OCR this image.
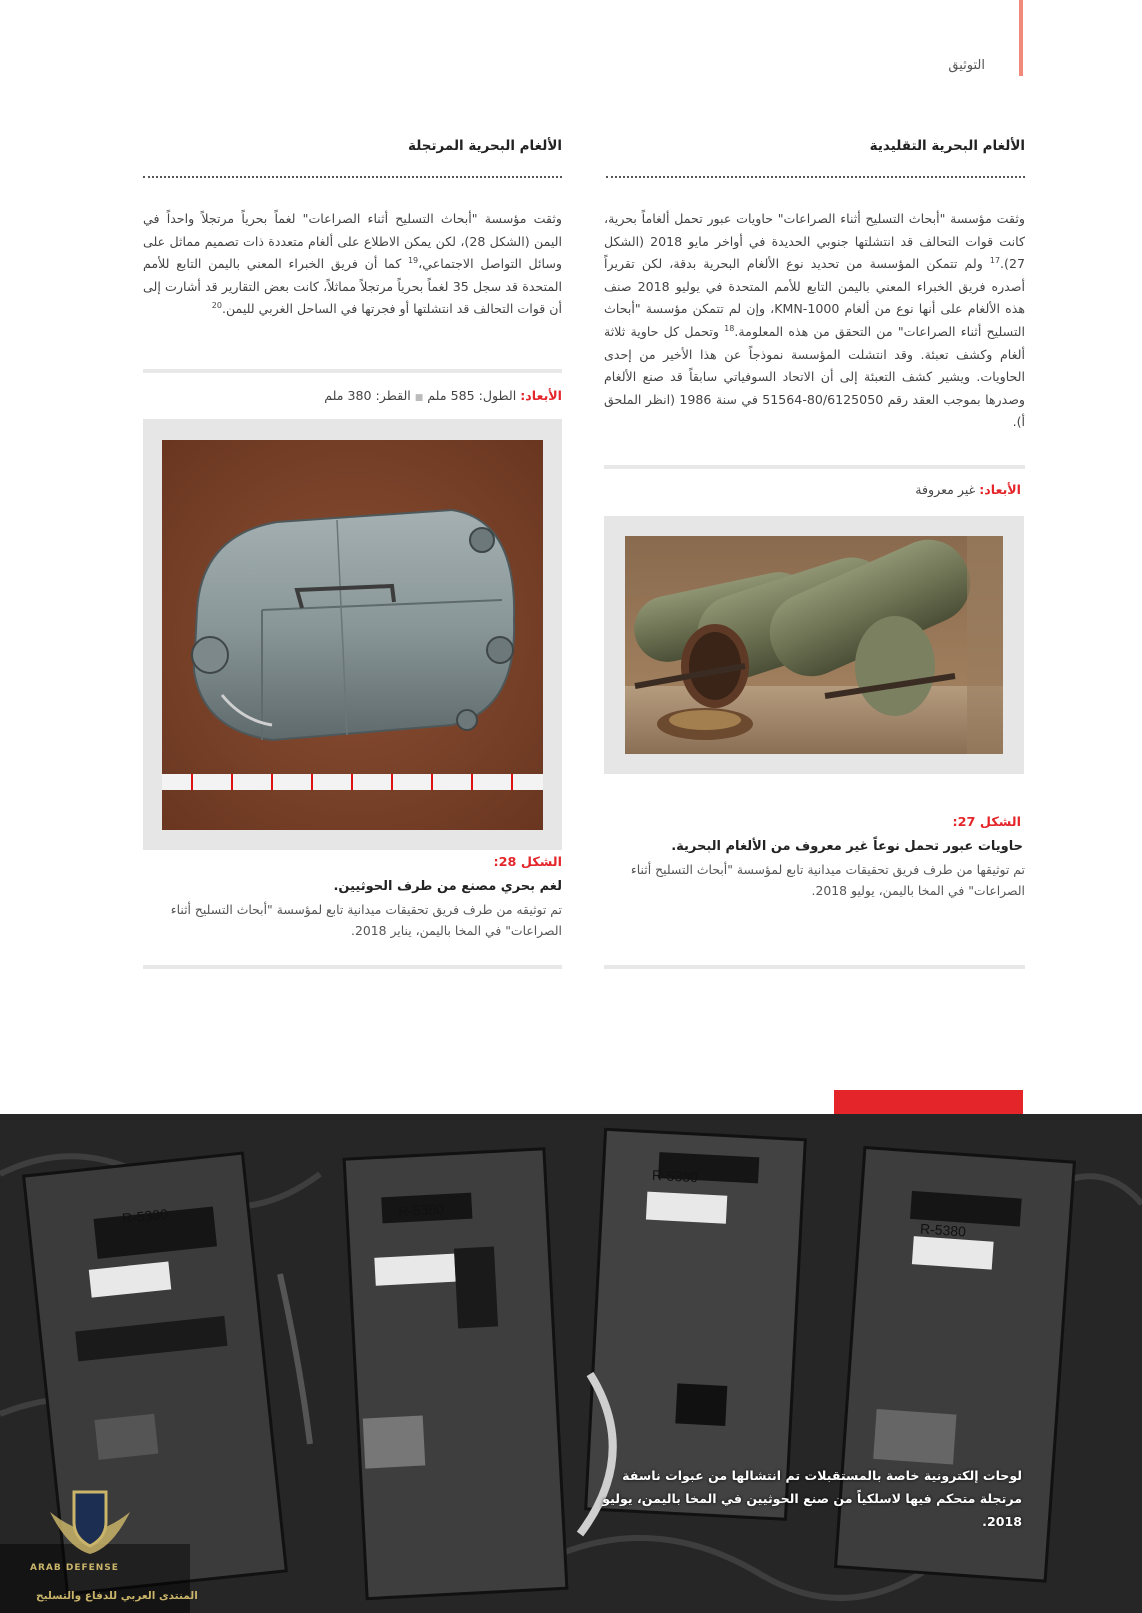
التوثيق
الألغام البحرية التقليدية
وثقت مؤسسة "أبحاث التسليح أثناء الصراعات" حاويات عبور تحمل ألغاماً بحرية، كانت قوات التحالف قد انتشلتها جنوبي الحديدة في أواخر مايو 2018 (الشكل 27).$^{17}$ ولم تتمكن المؤسسة من تحديد نوع الألغام البحرية بدقة، لكن تقريراً أصدره فريق الخبراء المعني باليمن التابع للأمم المتحدة في يوليو 2018 صنف هذه الألغام على أنها نوع من ألغام KMN-1000، وإن لم تتمكن مؤسسة "أبحاث التسليح أثناء الصراعات" من التحقق من هذه المعلومة.$^{18}$ وتحمل كل حاوية ثلاثة ألغام وكشف تعبئة. وقد انتشلت المؤسسة نموذجاً عن هذا الأخير من إحدى الحاويات. ويشير كشف التعبئة إلى أن الاتحاد السوفياتي سابقاً قد صنع الألغام وصدرها بموجب العقد رقم 80/6125050-51564 في سنة 1986 (انظر الملحق أ).
الأبعاد: غير معروفة
الشكل 27:
حاويات عبور تحمل نوعاً غير معروف من الألغام البحرية.
تم توثيقها من طرف فريق تحقيقات ميدانية تابع لمؤسسة "أبحاث التسليح أثناء الصراعات" في المخا باليمن، يوليو 2018.
الألغام البحرية المرتجلة
وثقت مؤسسة "أبحاث التسليح أثناء الصراعات" لغماً بحرياً مرتجلاً واحداً في اليمن (الشكل 28)، لكن يمكن الاطلاع على ألغام متعددة ذات تصميم مماثل على وسائل التواصل الاجتماعي،$^{19}$ كما أن فريق الخبراء المعني باليمن التابع للأمم المتحدة قد سجل 35 لغماً بحرياً مرتجلاً مماثلاً، كانت بعض التقارير قد أشارت إلى أن قوات التحالف قد انتشلتها أو فجرتها في الساحل الغربي لليمن.$^{20}$
الأبعاد: الطول: 585 ملم■القطر: 380 ملم
الشكل 28:
لغم بحري مصنع من طرف الحوثيين.
تم توثيقه من طرف فريق تحقيقات ميدانية تابع لمؤسسة "أبحاث التسليح أثناء الصراعات" في المخا باليمن، يناير 2018.
R-5380	R-5380
R-5380
R-5380
لوحات إلكترونية خاصة بالمستقبلات تم انتشالها من عبوات ناسفة مرتجلة متحكم فيها لاسلكياً من صنع الحوثيين في المخا باليمن، يوليو 2018.
ARAB DEFENSE
المنتدى العربي للدفاع والتسليح
